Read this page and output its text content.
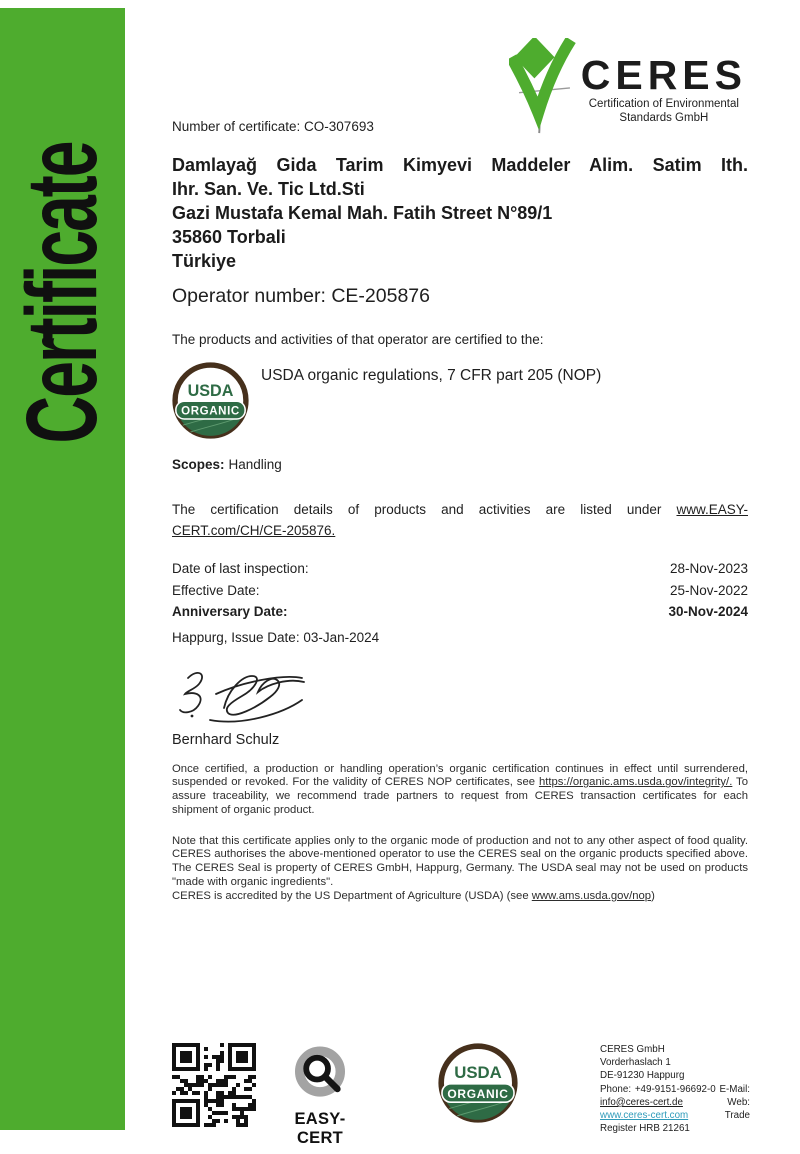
Certificate
CERES
Certification of Environmental
Standards GmbH

Number of certificate: CO-307693

Damlayağ Gida Tarim Kimyevi Maddeler Alim. Satim Ith.
Ihr. San. Ve. Tic Ltd.Sti
Gazi Mustafa Kemal Mah. Fatih Street N°89/1
35860 Torbali
Türkiye

Operator number: CE-205876

The products and activities of that operator are certified to the:

USDA
ORGANIC
USDA organic regulations, 7 CFR part 205 (NOP)

Scopes: Handling

The certification details of products and activities are listed under www.EASY-CERT.com/CH/CE-205876.

Date of last inspection:	28-Nov-2023
Effective Date:	25-Nov-2022
Anniversary Date:	30-Nov-2024

Happurg, Issue Date: 03-Jan-2024

Bernhard Schulz

Once certified, a production or handling operation’s organic certification continues in effect until surrendered, suspended or revoked. For the validity of CERES NOP certificates, see https://organic.ams.usda.gov/integrity/. To assure traceability, we recommend trade partners to request from CERES transaction certificates for each shipment of organic product.

Note that this certificate applies only to the organic mode of production and not to any other aspect of food quality. CERES authorises the above-mentioned operator to use the CERES seal on the organic products specified above. The CERES Seal is property of CERES GmbH, Happurg, Germany. The USDA seal may not be used on products "made with organic ingredients".
CERES is accredited by the US Department of Agriculture (USDA) (see www.ams.usda.gov/nop)

EASY-CERT
USDA
ORGANIC
CERES GmbH
Vorderhaslach 1
DE-91230 Happurg
Phone: +49-9151-96692-0 E-Mail: info@ceres-cert.de	Web: www.ceres-cert.com	Trade Register HRB 21261
